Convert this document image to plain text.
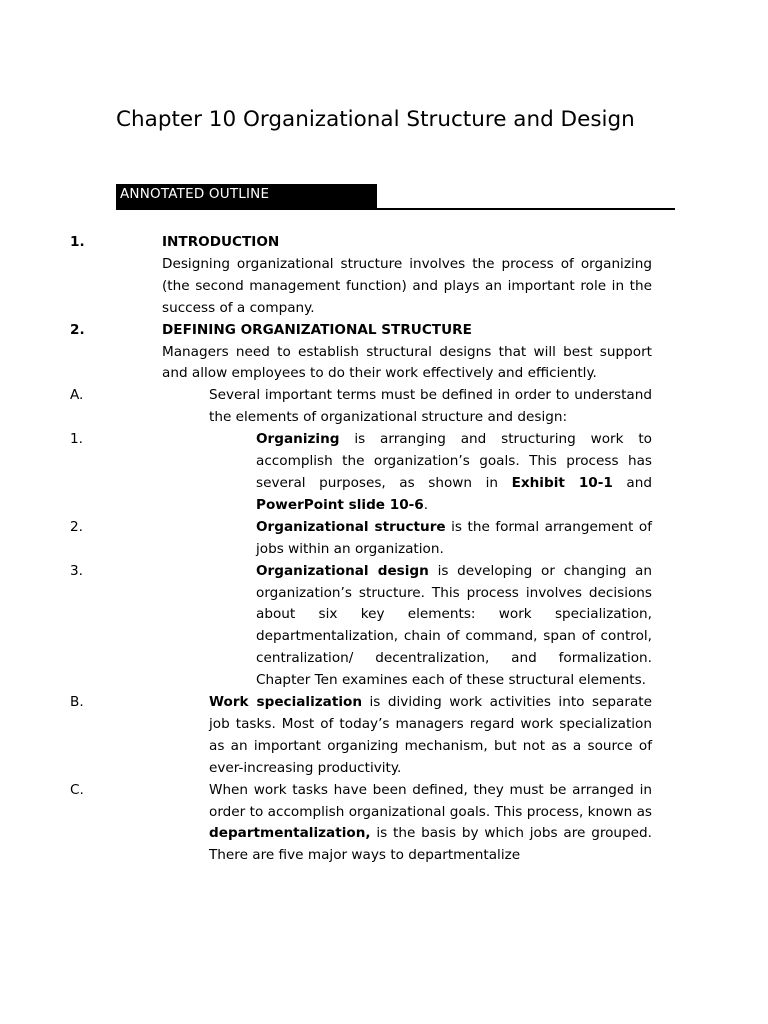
Chapter 10 Organizational Structure and Design
ANNOTATED OUTLINE
1.	INTRODUCTION
Designing organizational structure involves the process of organizing (the second management function) and plays an important role in the success of a company.
2.	DEFINING ORGANIZATIONAL STRUCTURE
Managers need to establish structural designs that will best support and allow employees to do their work effectively and efficiently.
A.	Several important terms must be defined in order to understand the elements of organizational structure and design:
1.	Organizing is arranging and structuring work to accomplish the organization’s goals. This process has several purposes, as shown in Exhibit 10-1 and PowerPoint slide 10-6.
2.	Organizational structure is the formal arrangement of jobs within an organization.
3.	Organizational design is developing or changing an organization’s structure. This process involves decisions about six key elements: work specialization, departmentalization, chain of command, span of control, centralization/ decentralization, and formalization. Chapter Ten examines each of these structural elements.
B.	Work specialization is dividing work activities into separate job tasks. Most of today’s managers regard work specialization as an important organizing mechanism, but not as a source of ever-increasing productivity.
C.	When work tasks have been defined, they must be arranged in order to accomplish organizational goals. This process, known as departmentalization, is the basis by which jobs are grouped. There are five major ways to departmentalize
